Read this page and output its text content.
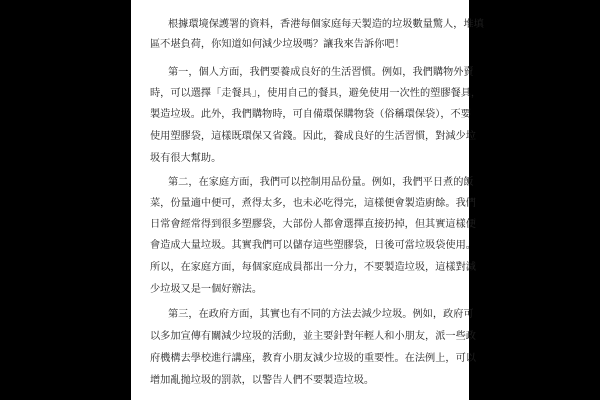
根據環境保護署的資料，香港每個家庭每天製造的垃圾數量驚人，堆填
區不堪負荷，你知道如何減少垃圾嗎？讓我來告訴你吧！
第一，個人方面，我們要養成良好的生活習慣。例如，我們購物外賣
時，可以選擇「走餐具」，使用自己的餐具，避免使用一次性的塑膠餐具，
製造垃圾。此外，我們購物時，可自備環保購物袋（俗稱環保袋），不要
使用塑膠袋，這樣既環保又省錢。因此，養成良好的生活習慣，對減少垃
圾有很大幫助。
第二，在家庭方面，我們可以控制用品份量。例如，我們平日煮的飯
菜，份量適中便可，煮得太多，也未必吃得完，這樣便會製造廚餘。我們
日常會經常得到很多塑膠袋，大部份人都會選擇直接扔掉，但其實這樣便
會造成大量垃圾。其實我們可以儲存這些塑膠袋，日後可當垃圾袋使用。
所以，在家庭方面，每個家庭成員都出一分力，不要製造垃圾，這樣對減
少垃圾又是一個好辦法。
第三，在政府方面，其實也有不同的方法去減少垃圾。例如，政府可
以多加宣傳有關減少垃圾的活動，並主要針對年輕人和小朋友，派一些政
府機構去學校進行講座，教育小朋友減少垃圾的重要性。在法例上，可以
增加亂拋垃圾的罰款，以警告人們不要製造垃圾。
